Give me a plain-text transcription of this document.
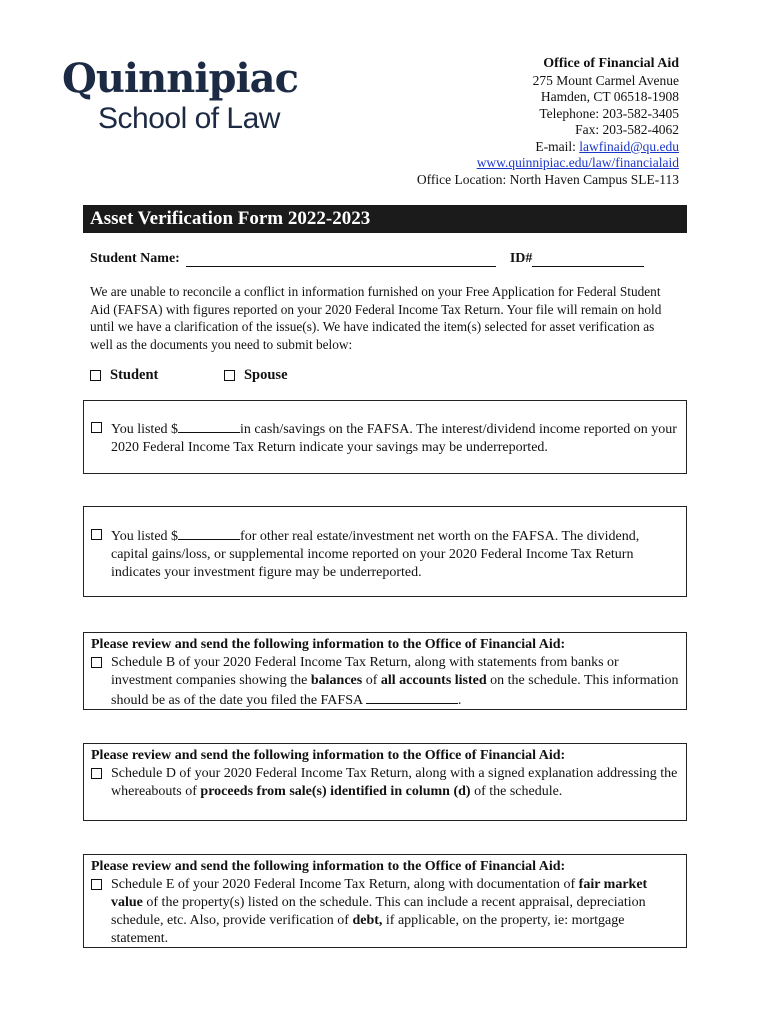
Quinnipiac
School of Law
Office of Financial Aid
275 Mount Carmel Avenue
Hamden, CT 06518-1908
Telephone: 203-582-3405
Fax: 203-582-4062
E-mail: lawfinaid@qu.edu
www.quinnipiac.edu/law/financialaid
Office Location: North Haven Campus SLE-113
Asset Verification Form 2022-2023
Student Name:	ID#
We are unable to reconcile a conflict in information furnished on your Free Application for Federal Student Aid (FAFSA) with figures reported on your 2020 Federal Income Tax Return. Your file will remain on hold until we have a clarification of the issue(s). We have indicated the item(s) selected for asset verification as well as the documents you need to submit below:
Student
	Spouse
You listed $	in cash/savings on the FAFSA. The interest/dividend income reported on your 2020 Federal Income Tax Return indicate your savings may be underreported.
You listed $	for other real estate/investment net worth on the FAFSA. The dividend, capital gains/loss, or supplemental income reported on your 2020 Federal Income Tax Return indicates your investment figure may be underreported.
Please review and send the following information to the Office of Financial Aid:
Schedule B of your 2020 Federal Income Tax Return, along with statements from banks or investment companies showing the balances of all accounts listed on the schedule. This information should be as of the date you filed the FAFSA	.
Please review and send the following information to the Office of Financial Aid:
Schedule D of your 2020 Federal Income Tax Return, along with a signed explanation addressing the whereabouts of proceeds from sale(s) identified in column (d) of the schedule.
Please review and send the following information to the Office of Financial Aid:
Schedule E of your 2020 Federal Income Tax Return, along with documentation of fair market value of the property(s) listed on the schedule. This can include a recent appraisal, depreciation schedule, etc. Also, provide verification of debt, if applicable, on the property, ie: mortgage statement.
